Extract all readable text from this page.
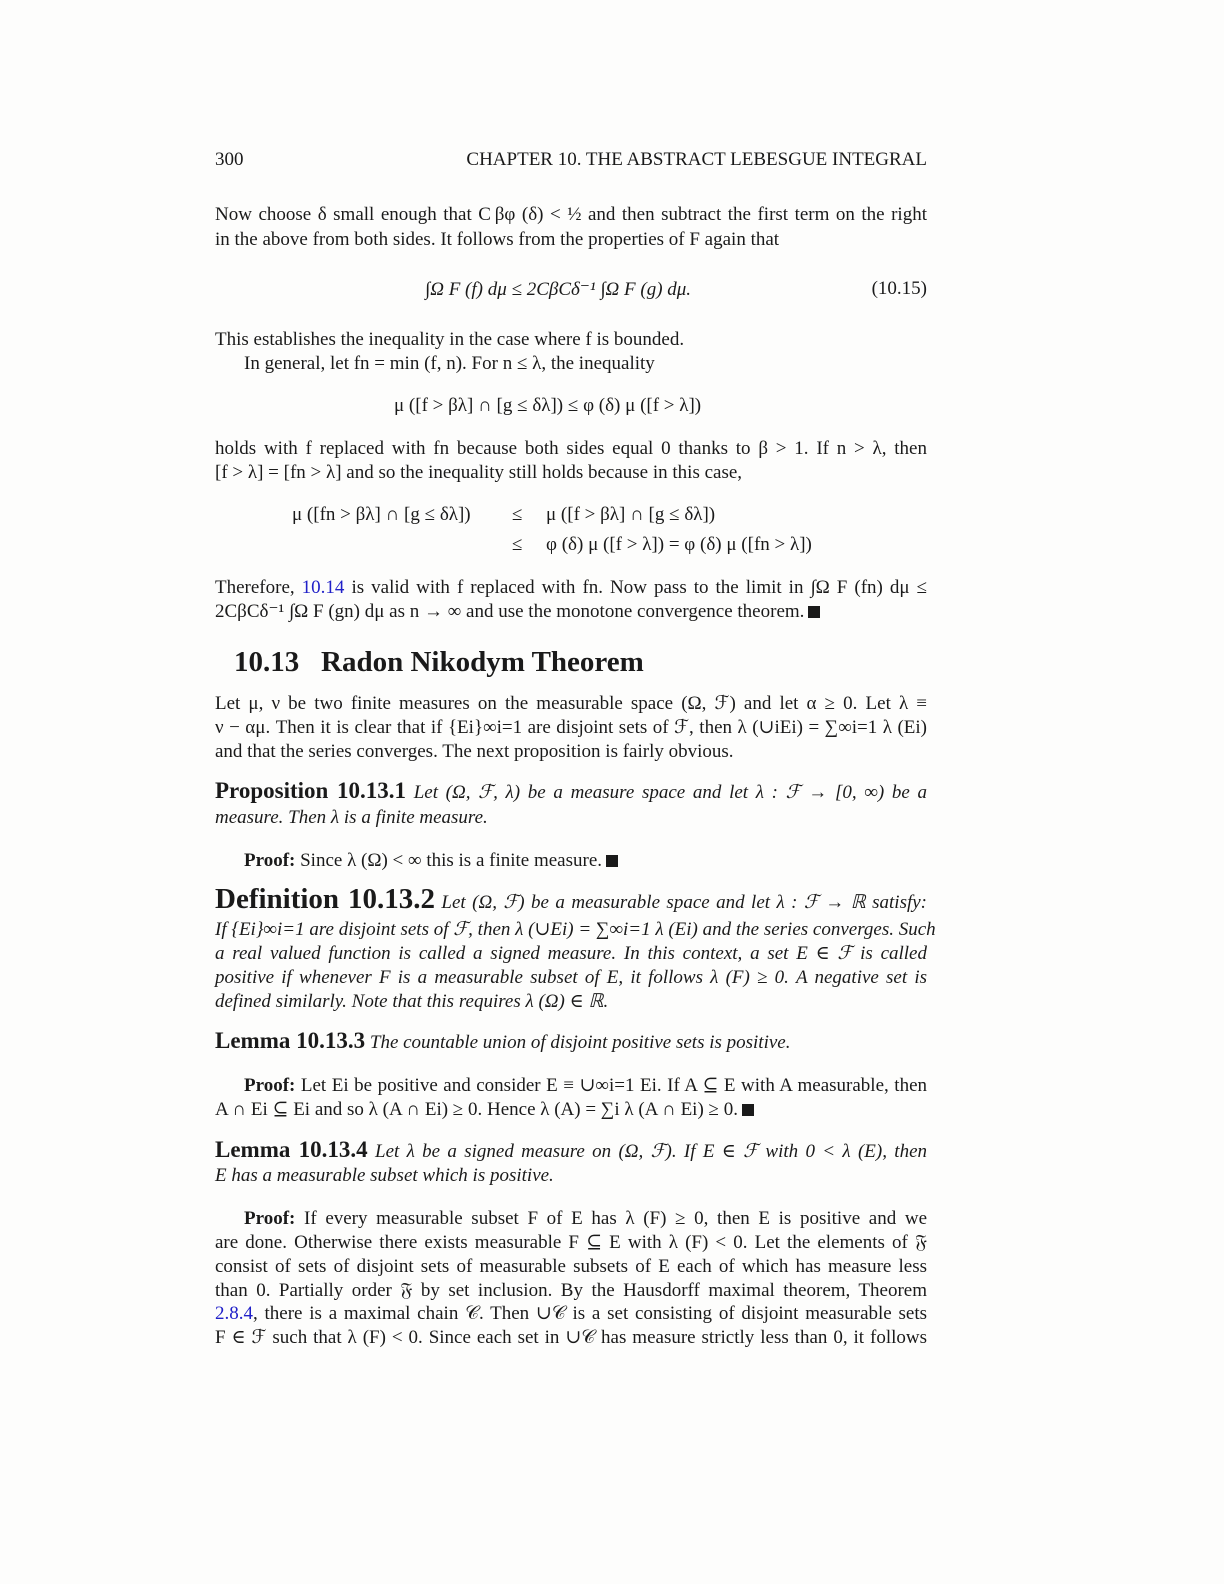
300	CHAPTER 10. THE ABSTRACT LEBESGUE INTEGRAL
Now choose δ small enough that C βφ (δ) < ½ and then subtract the first term on the right
in the above from both sides. It follows from the properties of F again that
∫Ω F (f) dμ ≤ 2CβCδ⁻¹ ∫Ω F (g) dμ.	(10.15)
This establishes the inequality in the case where f is bounded.
In general, let fn = min (f, n). For n ≤ λ, the inequality
μ ([f > βλ] ∩ [g ≤ δλ]) ≤ φ (δ) μ ([f > λ])
holds with f replaced with fn because both sides equal 0 thanks to β > 1. If n > λ, then
[f > λ] = [fn > λ] and so the inequality still holds because in this case,
μ ([fn > βλ] ∩ [g ≤ δλ]) ≤ μ ([f > βλ] ∩ [g ≤ δλ])
≤ φ (δ) μ ([f > λ]) = φ (δ) μ ([fn > λ])
Therefore, 10.14 is valid with f replaced with fn. Now pass to the limit in ∫Ω F (fn) dμ ≤
2CβCδ⁻¹ ∫Ω F (gn) dμ as n → ∞ and use the monotone convergence theorem.
10.13 Radon Nikodym Theorem
Let μ, ν be two finite measures on the measurable space (Ω, ℱ) and let α ≥ 0. Let λ ≡
ν − αμ. Then it is clear that if {Ei}∞i=1 are disjoint sets of ℱ, then λ (∪iEi) = ∑∞i=1 λ (Ei)
and that the series converges. The next proposition is fairly obvious.
Proposition 10.13.1 Let (Ω, ℱ, λ) be a measure space and let λ : ℱ → [0, ∞) be a
measure. Then λ is a finite measure.
Proof: Since λ (Ω) < ∞ this is a finite measure.
Definition 10.13.2 Let (Ω, ℱ) be a measurable space and let λ : ℱ → ℝ satisfy:
If {Ei}∞i=1 are disjoint sets of ℱ, then λ (∪Ei) = ∑∞i=1 λ (Ei) and the series converges. Such
a real valued function is called a signed measure. In this context, a set E ∈ ℱ is called
positive if whenever F is a measurable subset of E, it follows λ (F) ≥ 0. A negative set is
defined similarly. Note that this requires λ (Ω) ∈ ℝ.
Lemma 10.13.3 The countable union of disjoint positive sets is positive.
Proof: Let Ei be positive and consider E ≡ ∪∞i=1 Ei. If A ⊆ E with A measurable, then
A ∩ Ei ⊆ Ei and so λ (A ∩ Ei) ≥ 0. Hence λ (A) = ∑i λ (A ∩ Ei) ≥ 0.
Lemma 10.13.4 Let λ be a signed measure on (Ω, ℱ). If E ∈ ℱ with 0 < λ (E), then
E has a measurable subset which is positive.
Proof: If every measurable subset F of E has λ (F) ≥ 0, then E is positive and we
are done. Otherwise there exists measurable F ⊆ E with λ (F) < 0. Let the elements of 𝔉
consist of sets of disjoint sets of measurable subsets of E each of which has measure less
than 0. Partially order 𝔉 by set inclusion. By the Hausdorff maximal theorem, Theorem
2.8.4, there is a maximal chain 𝒞. Then ∪𝒞 is a set consisting of disjoint measurable sets
F ∈ ℱ such that λ (F) < 0. Since each set in ∪𝒞 has measure strictly less than 0, it follows
